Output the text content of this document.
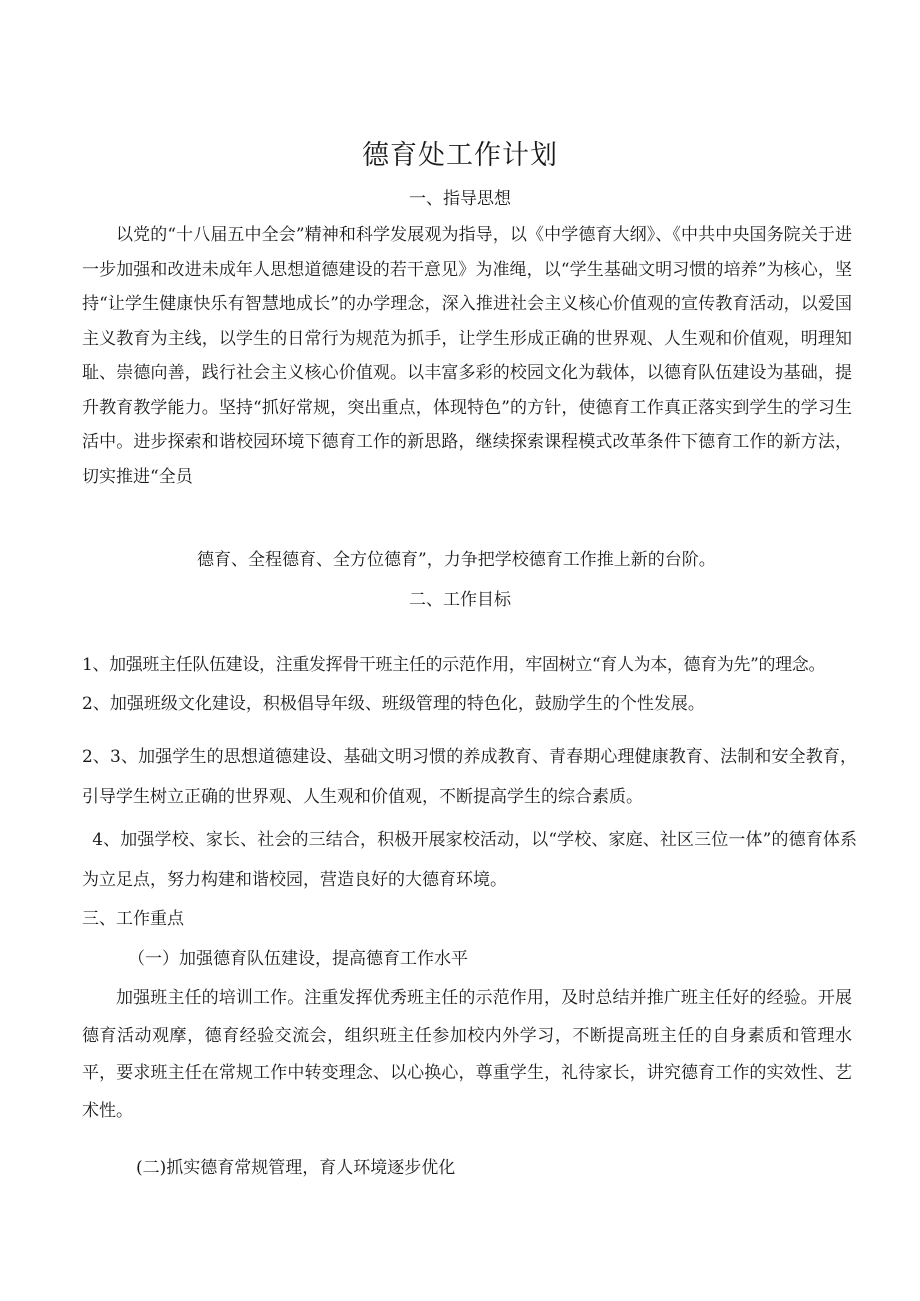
德育处工作计划
一、指导思想

以党的“十八届五中全会”精神和科学发展观为指导，以《中学德育大纲》、《中共中央国务院关于进一步加强和改进未成年人思想道德建设的若干意见》为准绳，以“学生基础文明习惯的培养”为核心，坚持“让学生健康快乐有智慧地成长”的办学理念，深入推进社会主义核心价值观的宣传教育活动，以爱国主义教育为主线，以学生的日常行为规范为抓手，让学生形成正确的世界观、人生观和价值观，明理知耻、崇德向善，践行社会主义核心价值观。以丰富多彩的校园文化为载体，以德育队伍建设为基础，提升教育教学能力。坚持“抓好常规，突出重点，体现特色”的方针，使德育工作真正落实到学生的学习生活中。进步探索和谐校园环境下德育工作的新思路，继续探索课程模式改革条件下德育工作的新方法，切实推进“全员

德育、全程德育、全方位德育”，力争把学校德育工作推上新的台阶。

二、工作目标

1、加强班主任队伍建设，注重发挥骨干班主任的示范作用，牢固树立“育人为本，德育为先”的理念。

2、加强班级文化建设，积极倡导年级、班级管理的特色化，鼓励学生的个性发展。

2、3、加强学生的思想道德建设、基础文明习惯的养成教育、青春期心理健康教育、法制和安全教育，引导学生树立正确的世界观、人生观和价值观，不断提高学生的综合素质。

4、加强学校、家长、社会的三结合，积极开展家校活动，以“学校、家庭、社区三位一体”的德育体系为立足点，努力构建和谐校园，营造良好的大德育环境。

三、工作重点
（一）加强德育队伍建设，提高德育工作水平

加强班主任的培训工作。注重发挥优秀班主任的示范作用，及时总结并推广班主任好的经验。开展德育活动观摩，德育经验交流会，组织班主任参加校内外学习，不断提高班主任的自身素质和管理水平，要求班主任在常规工作中转变理念、以心换心，尊重学生，礼待家长，讲究德育工作的实效性、艺术性。

(二)抓实德育常规管理，育人环境逐步优化
